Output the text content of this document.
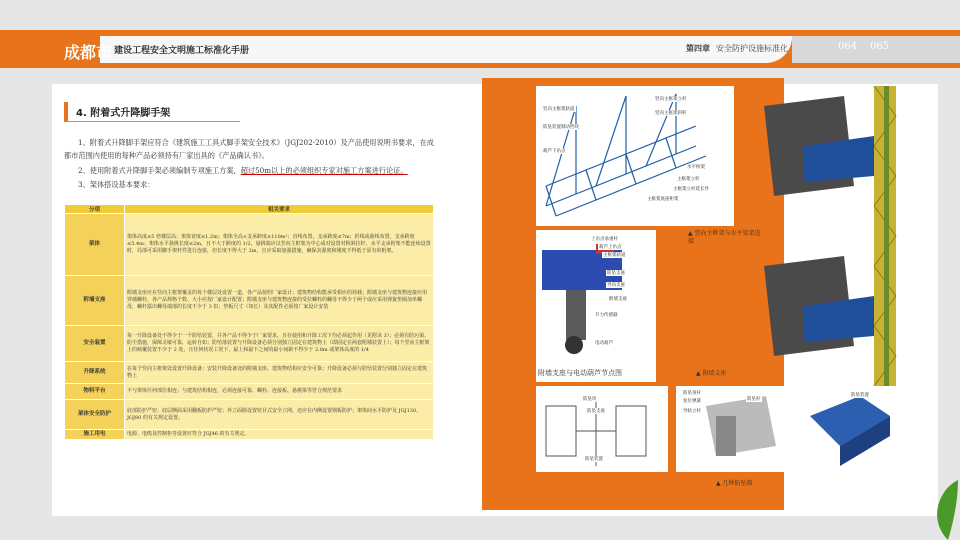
成都市 建设工程安全文明施工标准化手册	第四章 安全防护设施标准化	064 065
4. 附着式升降脚手架
1、附着式升降脚手架应符合《建筑施工工具式脚手架安全技术》（JGJ202-2010）及产品使用说明书要求，在成都市范围内使用的每种产品必须持有厂家出具的《产品确认书》。
2、使用附着式升降脚手架必须编制专项施工方案，超过50m以上的必须组织专家对施工方案进行论证。
3、架体搭设基本要求：
分项	相关要求
架体	架体高度≤5 倍楼层高；架体宽度≤1.2m；架体全高×支承跨度≤110m²；直线布置，支承跨度≤7m；折线或曲线布置，支承跨度≤5.4m；架体水平悬挑长度≤2m，且不大于跨度的 1/2，悬挑端应以竖向主框架为中心成对设置对称斜拉杆。水平支承桁架不能连续设置时，局部可采用脚手架杆件进行连接，但长度不得大于 2m，且应采取加强措施，确保其强度和刚度不得低于原有的桁架。
附墙支座	附墙支座应在竖向主框架覆盖的每个楼层处设置一道，各产品按照厂家设计；建筑物结构能承受相应的荷载；附墙支座与建筑物连接应用穿墙螺栓，各产品规格个数、大小应按厂家设计配置；附墙支座与建筑物连接的受拉螺栓的螺母不得少于两个或应采用弹簧垫圈加单螺母，螺杆露出螺母端部的长度不少于 3 扣；垫板尺寸（如长）及其配件必须按厂家设计安装
安全装置	每一升降设备处不得少于一个防坠装置，并各产品不得少于厂家要求，且在使用和升降工况下均必须起作用（见附录 3）；必须有防污染、防尘措施，保障灵敏可靠，运转自如；防坠落装置与升降设备必须分别独立固定在建筑物上（即固定在两套附墙装置上）；每个竖向主框架上的倾覆装置不少于 2 处，且任何状况工况下，最上和最下之间的最小间距不得少于 2.8m 或架体高度的 1/4
升降系统	在每个竖向主框架处设置升降设备；安装升降设备处的附墙支座、建筑物结构应安全可靠；升降设备必须与防坠装置分别独立固定在建筑物上
物料平台	不与架体任何部位相连；与建筑结构相连，必须连接可靠，螺栓、连接板、悬挑梁等符合规范要求
架体安全防护	底部防护严密；底层侧面采用翻板防护严密；外立面除设置密目式安全立网，还应在内侧设置钢板防护；架体间水平防护及 JGJ130、JGJ80 的有关规定设置。
施工用电	电源、电缆及控制柜等设置应符合 JGJ46 的有关规定。
竖向主框架轨道
防坠装置制动挡块
葫芦下吊点
竖向主框架立杆
竖向主框架斜杆
水平桁架
主框架立杆
主框架立杆延长件
主框架底座桁架
▲ 竖向主框架与水平梁架连接
▲ 附墙支座
上吊点承重杆
葫芦上吊点
主框架轨道
防坠支座
导向支座
附墙支座
升力传感器
电动葫芦
附墙支座与电动葫芦节点图
防坠块
防坠支座
防坠装置
防坠顶杆
复位弹簧
导轨立杆
防坠杆
防坠装置
▲ 几种防坠器
